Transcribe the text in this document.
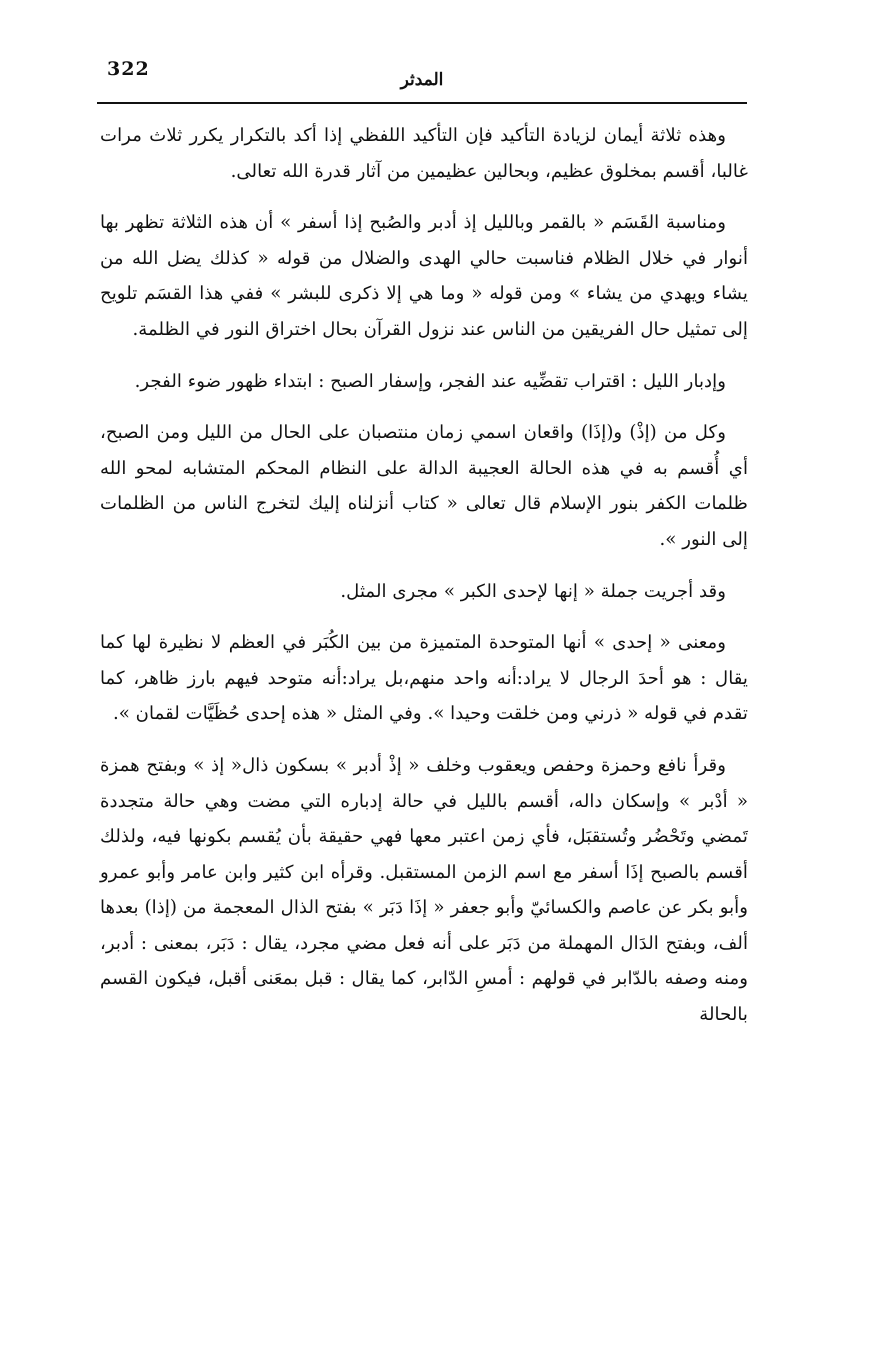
322	المدثر

وهذه ثلاثة أيمان لزيادة التأكيد فإن التأكيد اللفظي إذا أكد بالتكرار يكرر ثلاث مرات غالبا، أقسم بمخلوق عظيم، وبحالين عظيمين من آثار قدرة الله تعالى.

ومناسبة القَسَم « بالقمر وبالليل إذ أدبر والصُبح إذا أسفر » أن هذه الثلاثة تظهر بها أنوار في خلال الظلام فناسبت حالي الهدى والضلال من قوله « كذلك يضل الله من يشاء ويهدي من يشاء » ومن قوله « وما هي إلا ذكرى للبشر » ففي هذا القسَم تلويح إلى تمثيل حال الفريقين من الناس عند نزول القرآن بحال اختراق النور في الظلمة.

وإدبار الليل : اقتراب تقضِّيه عند الفجر، وإسفار الصبح : ابتداء ظهور ضوء الفجر.

وكل من (إذْ) و(إذَا) واقعان اسمي زمان منتصبان على الحال من الليل ومن الصبح، أي أُقسم به في هذه الحالة العجيبة الدالة على النظام المحكم المتشابه لمحو الله ظلمات الكفر بنور الإسلام قال تعالى « كتاب أنزلناه إليك لتخرج الناس من الظلمات إلى النور ».

وقد أجريت جملة « إنها لإحدى الكبر » مجرى المثل.

ومعنى « إحدى » أنها المتوحدة المتميزة من بين الكُبَر في العظم لا نظيرة لها كما يقال : هو أحدَ الرجال لا يراد:أنه واحد منهم،بل يراد:أنه متوحد فيهم بارز ظاهر، كما تقدم في قوله « ذرني ومن خلقت وحيدا ». وفي المثل « هذه إحدى حُظَيَّات لقمان ».

وقرأ نافع وحمزة وحفص ويعقوب وخلف « إذْ أدبر » بسكون ذال« إذ » وبفتح همزة « أدْبر » وإسكان داله، أقسم بالليل في حالة إدباره التي مضت وهي حالة متجددة تَمضي وتَحْضُر وتُستقبَل، فأي زمن اعتبر معها فهي حقيقة بأن يُقسم بكونها فيه، ولذلك أقسم بالصبح إذَا أسفر مع اسم الزمن المستقبل. وقرأه ابن كثير وابن عامر وأبو عمرو وأبو بكر عن عاصم والكسائيّ وأبو جعفر « إذَا دَبَر » بفتح الذال المعجمة من (إذا) بعدها ألف، وبفتح الدَال المهملة من دَبَر على أنه فعل مضي مجرد، يقال : دَبَر، بمعنى : أدبر، ومنه وصفه بالدّابر في قولهم : أمسِ الدّابر، كما يقال : قبل بمعَنى أقبل، فيكون القسم بالحالة
